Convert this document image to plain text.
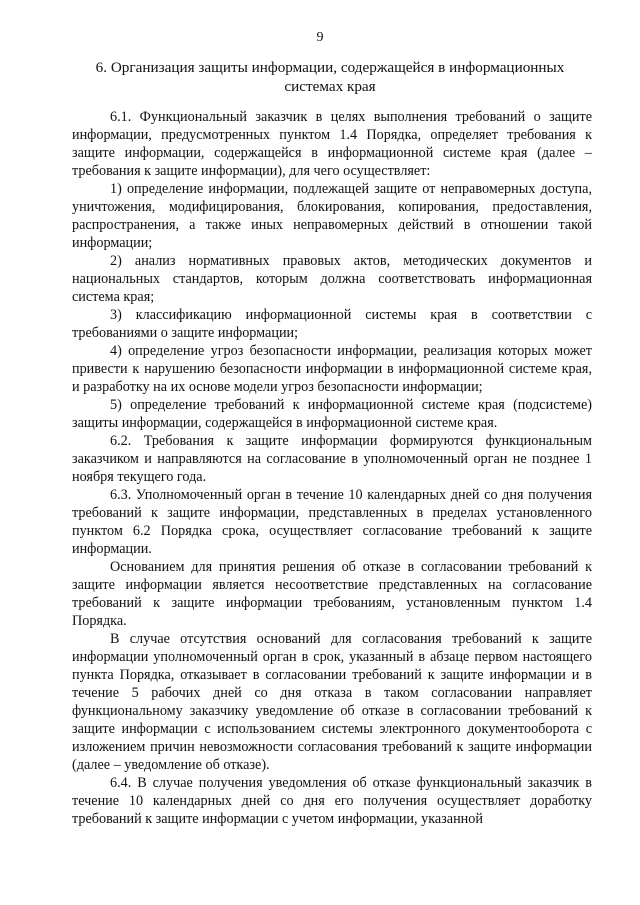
9
6. Организация защиты информации, содержащейся в информационных системах края

6.1. Функциональный заказчик в целях выполнения требований о защите информации, предусмотренных пунктом 1.4 Порядка, определяет требования к защите информации, содержащейся в информационной системе края (далее – требования к защите информации), для чего осуществляет:

1) определение информации, подлежащей защите от неправомерных доступа, уничтожения, модифицирования, блокирования, копирования, предоставления, распространения, а также иных неправомерных действий в отношении такой информации;

2) анализ нормативных правовых актов, методических документов и национальных стандартов, которым должна соответствовать информационная система края;

3) классификацию информационной системы края в соответствии с требованиями о защите информации;

4) определение угроз безопасности информации, реализация которых может привести к нарушению безопасности информации в информационной системе края, и разработку на их основе модели угроз безопасности информации;

5) определение требований к информационной системе края (подсистеме) защиты информации, содержащейся в информационной системе края.

6.2. Требования к защите информации формируются функциональным заказчиком и направляются на согласование в уполномоченный орган не позднее 1 ноября текущего года.

6.3. Уполномоченный орган в течение 10 календарных дней со дня получения требований к защите информации, представленных в пределах установленного пунктом 6.2 Порядка срока, осуществляет согласование требований к защите информации.

Основанием для принятия решения об отказе в согласовании требований к защите информации является несоответствие представленных на согласование требований к защите информации требованиям, установленным пунктом 1.4 Порядка.

В случае отсутствия оснований для согласования требований к защите информации уполномоченный орган в срок, указанный в абзаце первом настоящего пункта Порядка, отказывает в согласовании требований к защите информации и в течение 5 рабочих дней со дня отказа в таком согласовании направляет функциональному заказчику уведомление об отказе в согласовании требований к защите информации с использованием системы электронного документооборота с изложением причин невозможности согласования требований к защите информации (далее – уведомление об отказе).

6.4. В случае получения уведомления об отказе функциональный заказчик в течение 10 календарных дней со дня его получения осуществляет доработку требований к защите информации с учетом информации, указанной
